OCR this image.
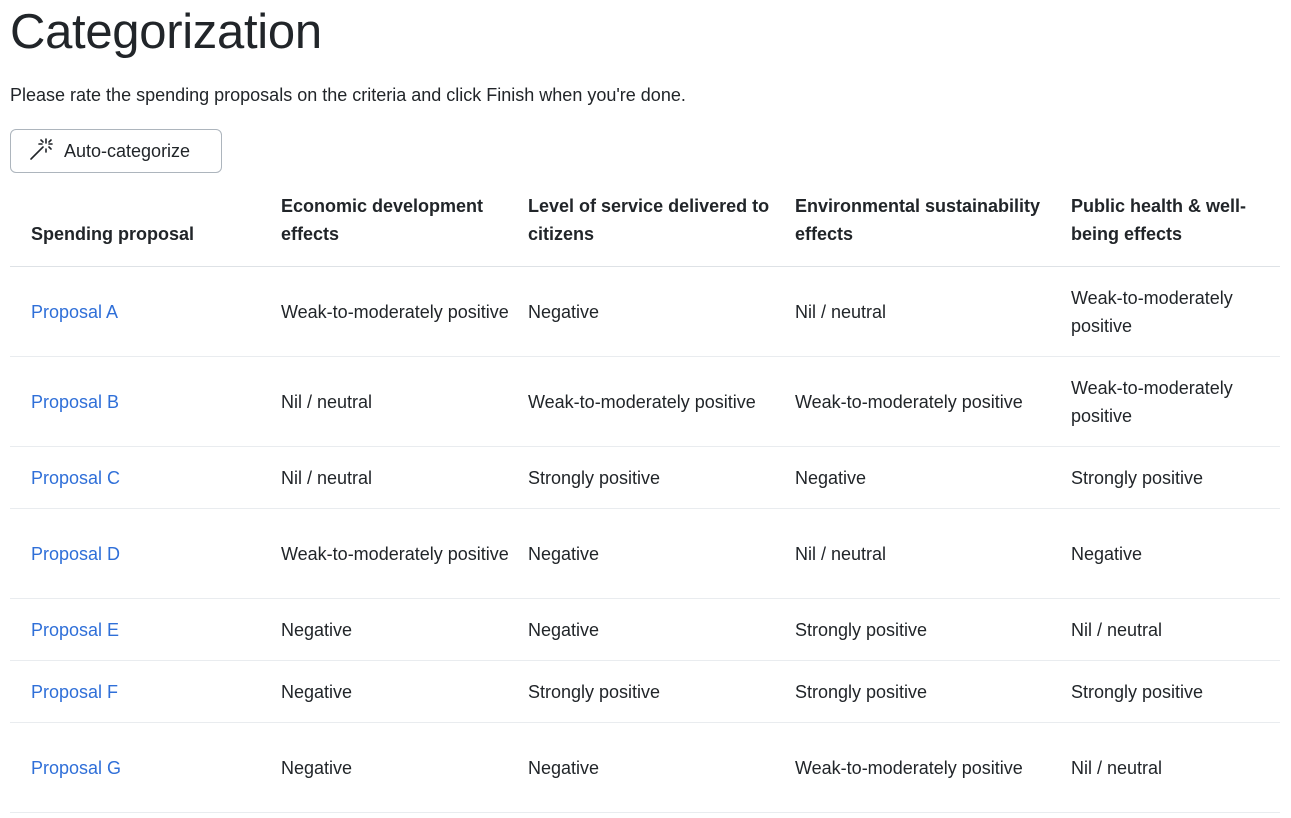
Categorization
Please rate the spending proposals on the criteria and click Finish when you're done.
Auto-categorize
Spending proposal	Economic development effects	Level of service delivered to citizens	Environmental sustainability effects	Public health & well-being effects
Proposal A	Weak-to-moderately positive	Negative	Nil / neutral	Weak-to-moderately positive
Proposal B	Nil / neutral	Weak-to-moderately positive	Weak-to-moderately positive	Weak-to-moderately positive
Proposal C	Nil / neutral	Strongly positive	Negative	Strongly positive
Proposal D	Weak-to-moderately positive	Negative	Nil / neutral	Negative
Proposal E	Negative	Negative	Strongly positive	Nil / neutral
Proposal F	Negative	Strongly positive	Strongly positive	Strongly positive
Proposal G	Negative	Negative	Weak-to-moderately positive	Nil / neutral
